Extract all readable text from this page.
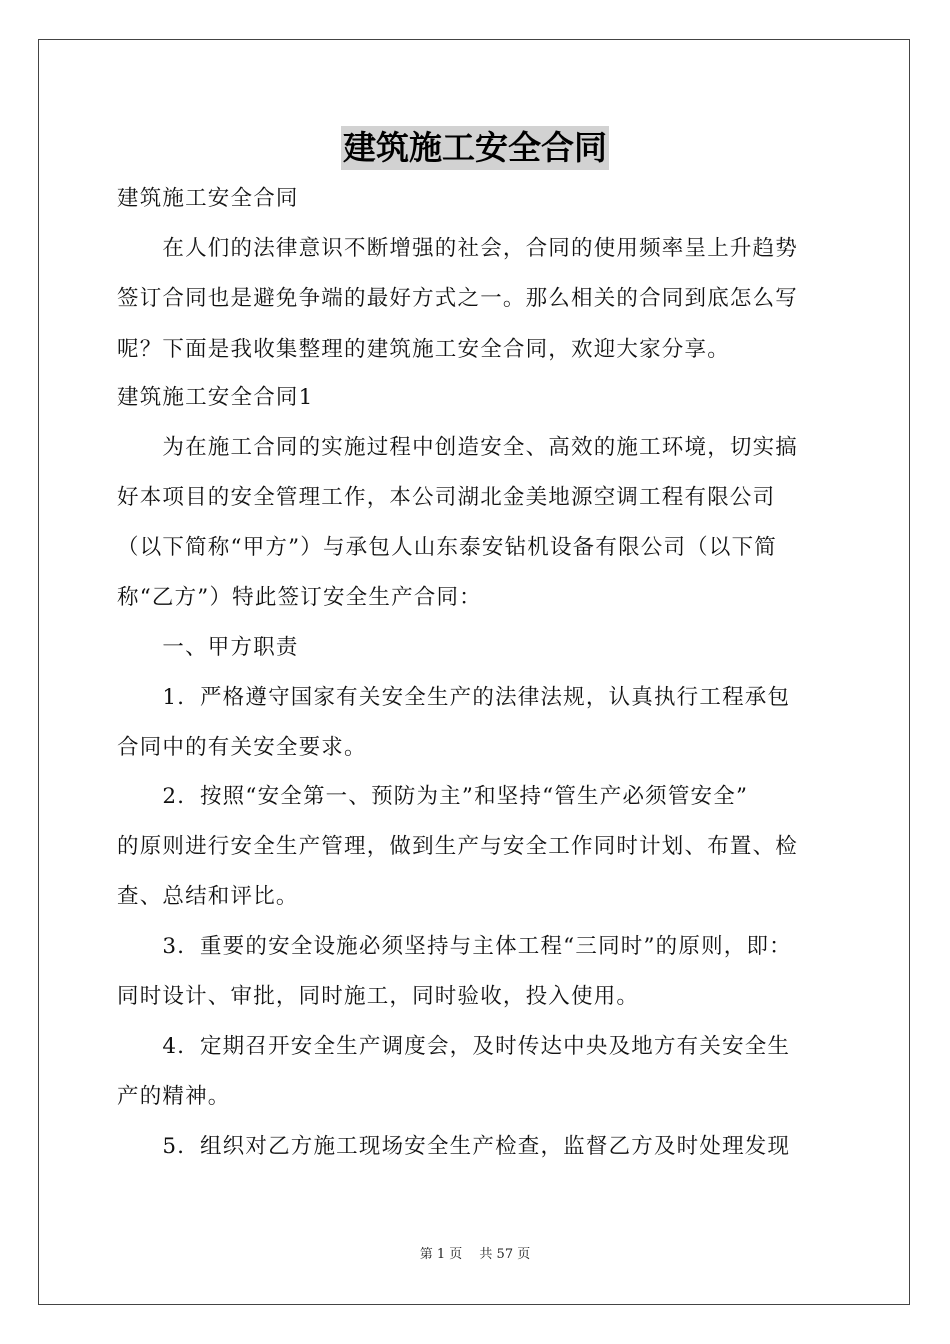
建筑施工安全合同
建筑施工安全合同
　　在人们的法律意识不断增强的社会，合同的使用频率呈上升趋势
签订合同也是避免争端的最好方式之一。那么相关的合同到底怎么写
呢？下面是我收集整理的建筑施工安全合同，欢迎大家分享。
建筑施工安全合同1
　　为在施工合同的实施过程中创造安全、高效的施工环境，切实搞
好本项目的安全管理工作，本公司湖北金美地源空调工程有限公司
（以下简称“甲方”）与承包人山东泰安钻机设备有限公司（以下简
称“乙方”）特此签订安全生产合同：
　　一、甲方职责
　　1．严格遵守国家有关安全生产的法律法规，认真执行工程承包
合同中的有关安全要求。
　　2．按照“安全第一、预防为主”和坚持“管生产必须管安全”
的原则进行安全生产管理，做到生产与安全工作同时计划、布置、检
查、总结和评比。
　　3．重要的安全设施必须坚持与主体工程“三同时”的原则，即：
同时设计、审批，同时施工，同时验收，投入使用。
　　4．定期召开安全生产调度会，及时传达中央及地方有关安全生
产的精神。
　　5．组织对乙方施工现场安全生产检查，监督乙方及时处理发现
第 1 页　 共 57 页
